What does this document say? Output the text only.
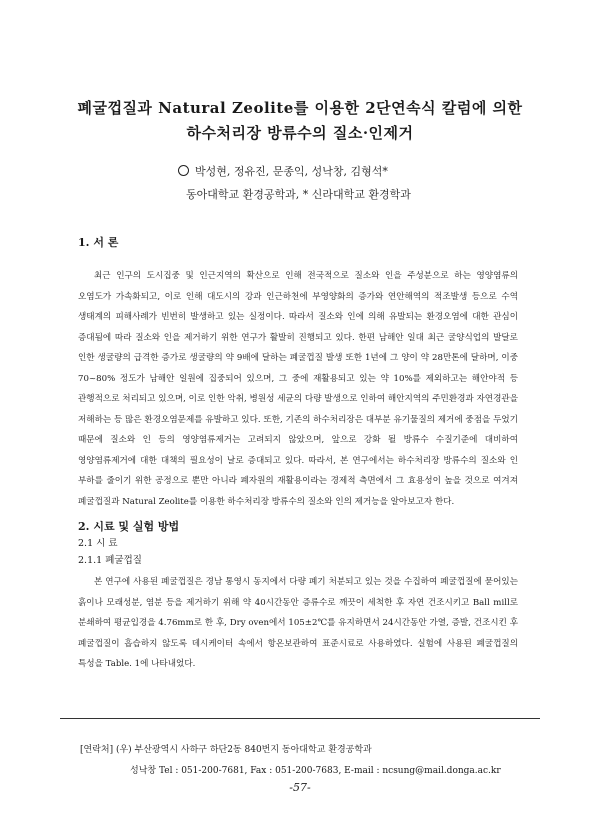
폐굴껍질과 Natural Zeolite를 이용한 2단연속식 칼럼에 의한
하수처리장 방류수의 질소·인제거
박성현, 정유진, 문종익, 성낙창, 김형석*
동아대학교 환경공학과, * 신라대학교 환경학과
1. 서 론
최근 인구의 도시집중 및 인근지역의 확산으로 인해 전국적으로 질소와 인을 주성분으로 하는 영양염류의 오염도가 가속화되고, 이로 인해 대도시의 강과 인근하천에 부영양화의 증가와 연안해역의 적조발생 등으로 수역 생태계의 피해사례가 빈번히 발생하고 있는 실정이다. 따라서 질소와 인에 의해 유발되는 환경오염에 대한 관심이 증대됨에 따라 질소와 인을 제거하기 위한 연구가 활발히 진행되고 있다. 한편 남해안 일대 최근 굴양식업의 발달로 인한 생굴량의 급격한 증가로 생굴량의 약 9배에 달하는 폐굴껍질 발생 또한 1년에 그 양이 약 28만톤에 달하며, 이중 70~80% 정도가 남해안 일원에 집중되어 있으며, 그 중에 재활용되고 있는 약 10%를 제외하고는 해안야적 등 관행적으로 처리되고 있으며, 이로 인한 악취, 병원성 세균의 다량 발생으로 인하여 해안지역의 주민환경과 자연경관을 저해하는 등 많은 환경오염문제를 유발하고 있다. 또한, 기존의 하수처리장은 대부분 유기물질의 제거에 중점을 두었기 때문에 질소와 인 등의 영양염류제거는 고려되지 않았으며, 앞으로 강화 될 방류수 수질기준에 대비하여 영양염류제거에 대한 대책의 필요성이 날로 증대되고 있다. 따라서, 본 연구에서는 하수처리장 방류수의 질소와 인 부하를 줄이기 위한 공정으로 뿐만 아니라 폐자원의 재활용이라는 경제적 측면에서 그 효용성이 높을 것으로 여겨져 폐굴껍질과 Natural Zeolite를 이용한 하수처리장 방류수의 질소와 인의 제거능을 알아보고자 한다.
2. 시료 및 실험 방법
2.1 시 료
2.1.1 폐굴껍질
본 연구에 사용된 폐굴껍질은 경남 통영시 동지에서 다량 폐기 처분되고 있는 것을 수집하여 폐굴껍질에 묻어있는 흙이나 모래성분, 염분 등을 제거하기 위해 약 40시간동안 증류수로 깨끗이 세척한 후 자연 건조시키고 Ball mill로 분쇄하여 평균입경을 4.76mm로 한 후, Dry oven에서 105±2℃를 유지하면서 24시간동안 가열, 증발, 건조시킨 후 폐굴껍질이 흡습하지 않도록 데시케이터 속에서 항온보관하여 표준시료로 사용하였다. 실험에 사용된 폐굴껍질의 특성을 Table. 1에 나타내었다.
[연락처] (우) 부산광역시 사하구 하단2동 840번지 동아대학교 환경공학과
성낙창 Tel : 051-200-7681, Fax : 051-200-7683, E-mail : ncsung@mail.donga.ac.kr
-57-
